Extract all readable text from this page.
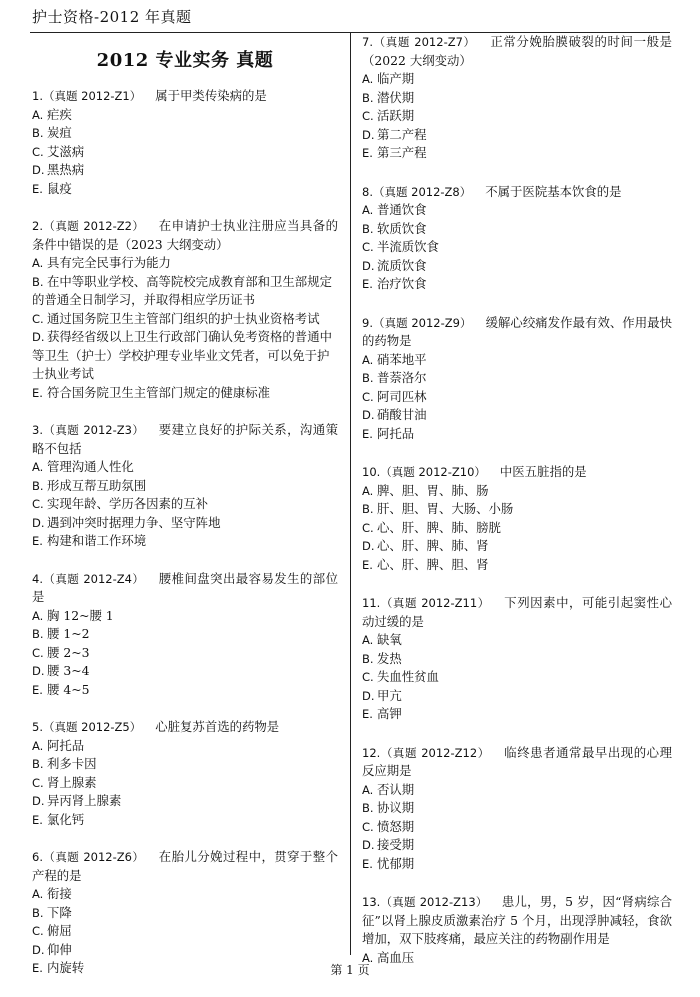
护士资格-2012 年真题
2012 专业实务 真题
1.（真题 2012-Z1） 属于甲类传染病的是
A. 疟疾
B. 炭疽
C. 艾滋病
D. 黑热病
E. 鼠疫
2.（真题 2012-Z2） 在申请护士执业注册应当具备的条件中错误的是（2023 大纲变动）
A. 具有完全民事行为能力
B. 在中等职业学校、高等院校完成教育部和卫生部规定的普通全日制学习，并取得相应学历证书
C. 通过国务院卫生主管部门组织的护士执业资格考试
D. 获得经省级以上卫生行政部门确认免考资格的普通中等卫生（护士）学校护理专业毕业文凭者，可以免于护士执业考试
E. 符合国务院卫生主管部门规定的健康标准
3.（真题 2012-Z3） 要建立良好的护际关系，沟通策略不包括
A. 管理沟通人性化
B. 形成互帮互助氛围
C. 实现年龄、学历各因素的互补
D. 遇到冲突时据理力争、坚守阵地
E. 构建和谐工作环境
4.（真题 2012-Z4） 腰椎间盘突出最容易发生的部位是
A. 胸 12~腰 1
B. 腰 1~2
C. 腰 2~3
D. 腰 3~4
E. 腰 4~5
5.（真题 2012-Z5） 心脏复苏首选的药物是
A. 阿托品
B. 利多卡因
C. 肾上腺素
D. 异丙肾上腺素
E. 氯化钙
6.（真题 2012-Z6） 在胎儿分娩过程中，贯穿于整个产程的是
A. 衔接
B. 下降
C. 俯屈
D. 仰伸
E. 内旋转
7.（真题 2012-Z7） 正常分娩胎膜破裂的时间一般是（2022 大纲变动）
A. 临产期
B. 潜伏期
C. 活跃期
D. 第二产程
E. 第三产程
8.（真题 2012-Z8） 不属于医院基本饮食的是
A. 普通饮食
B. 软质饮食
C. 半流质饮食
D. 流质饮食
E. 治疗饮食
9.（真题 2012-Z9） 缓解心绞痛发作最有效、作用最快的药物是
A. 硝苯地平
B. 普萘洛尔
C. 阿司匹林
D. 硝酸甘油
E. 阿托品
10.（真题 2012-Z10） 中医五脏指的是
A. 脾、胆、胃、肺、肠
B. 肝、胆、胃、大肠、小肠
C. 心、肝、脾、肺、膀胱
D. 心、肝、脾、肺、肾
E. 心、肝、脾、胆、肾
11.（真题 2012-Z11） 下列因素中，可能引起窦性心动过缓的是
A. 缺氧
B. 发热
C. 失血性贫血
D. 甲亢
E. 高钾
12.（真题 2012-Z12） 临终患者通常最早出现的心理反应期是
A. 否认期
B. 协议期
C. 愤怒期
D. 接受期
E. 忧郁期
13.（真题 2012-Z13） 患儿，男，5 岁，因“肾病综合征”以肾上腺皮质激素治疗 5 个月，出现浮肿减轻，食欲增加，双下肢疼痛，最应关注的药物副作用是
A. 高血压
第 1 页
